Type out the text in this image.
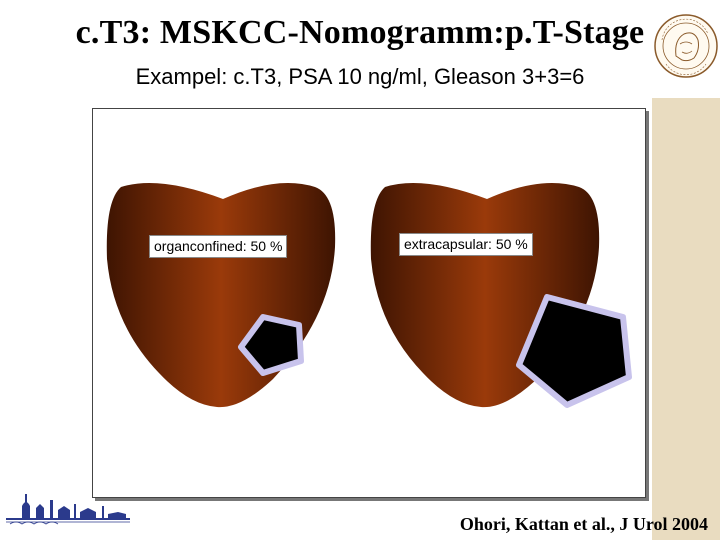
c.T3: MSKCC-Nomogramm:p.T-Stage
Exampel: c.T3, PSA 10 ng/ml, Gleason 3+3=6
organconfined: 50 %	extracapsular: 50 %
Ohori, Kattan et al., J Urol 2004
